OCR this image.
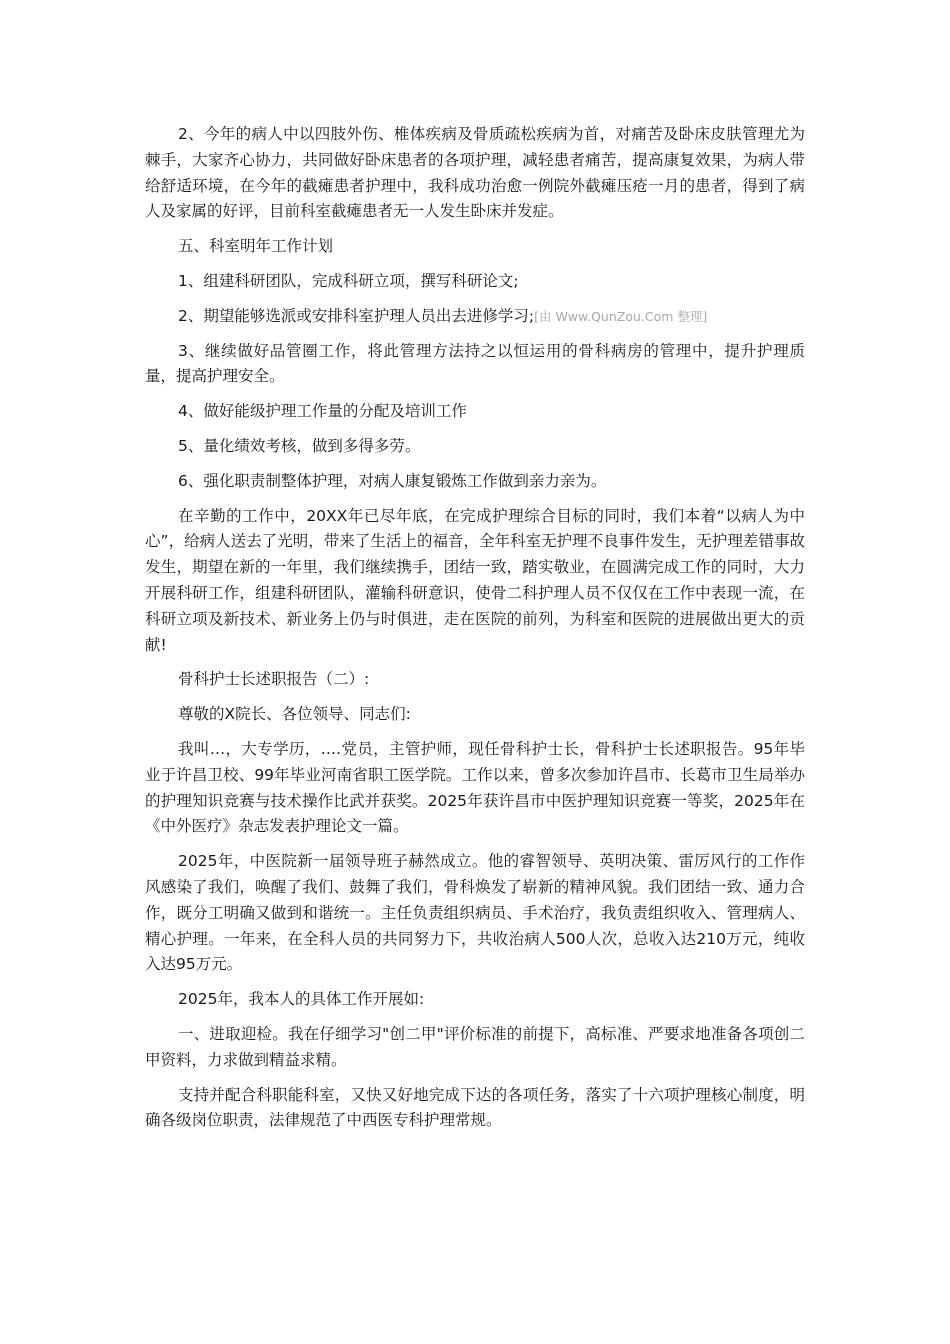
2、今年的病人中以四肢外伤、椎体疾病及骨质疏松疾病为首，对痛苦及卧床皮肤管理尤为棘手，大家齐心协力，共同做好卧床患者的各项护理，减轻患者痛苦，提高康复效果，为病人带给舒适环境，在今年的截瘫患者护理中，我科成功治愈一例院外截瘫压疮一月的患者，得到了病人及家属的好评，目前科室截瘫患者无一人发生卧床并发症。

五、科室明年工作计划

1、组建科研团队，完成科研立项，撰写科研论文;

2、期望能够选派或安排科室护理人员出去进修学习;[由 Www.QunZou.Com 整理]

3、继续做好品管圈工作，将此管理方法持之以恒运用的骨科病房的管理中，提升护理质量，提高护理安全。

4、做好能级护理工作量的分配及培训工作

5、量化绩效考核，做到多得多劳。

6、强化职责制整体护理，对病人康复锻炼工作做到亲力亲为。

在辛勤的工作中，20XX年已尽年底，在完成护理综合目标的同时，我们本着“以病人为中心”，给病人送去了光明，带来了生活上的福音，全年科室无护理不良事件发生，无护理差错事故发生，期望在新的一年里，我们继续携手，团结一致，踏实敬业，在圆满完成工作的同时，大力开展科研工作，组建科研团队，灌输科研意识，使骨二科护理人员不仅仅在工作中表现一流，在科研立项及新技术、新业务上仍与时俱进，走在医院的前列，为科室和医院的进展做出更大的贡献!

骨科护士长述职报告（二）:

尊敬的X院长、各位领导、同志们:

我叫…，大专学历，….党员，主管护师，现任骨科护士长，骨科护士长述职报告。95年毕业于许昌卫校、99年毕业河南省职工医学院。工作以来，曾多次参加许昌市、长葛市卫生局举办的护理知识竞赛与技术操作比武并获奖。2025年获许昌市中医护理知识竞赛一等奖，2025年在《中外医疗》杂志发表护理论文一篇。

2025年，中医院新一届领导班子赫然成立。他的睿智领导、英明决策、雷厉风行的工作作风感染了我们，唤醒了我们、鼓舞了我们，骨科焕发了崭新的精神风貌。我们团结一致、通力合作，既分工明确又做到和谐统一。主任负责组织病员、手术治疗，我负责组织收入、管理病人、精心护理。一年来，在全科人员的共同努力下，共收治病人500人次，总收入达210万元，纯收入达95万元。

2025年，我本人的具体工作开展如:

一、进取迎检。我在仔细学习"创二甲"评价标准的前提下，高标准、严要求地准备各项创二甲资料，力求做到精益求精。

支持并配合科职能科室，又快又好地完成下达的各项任务，落实了十六项护理核心制度，明确各级岗位职责，法律规范了中西医专科护理常规。
